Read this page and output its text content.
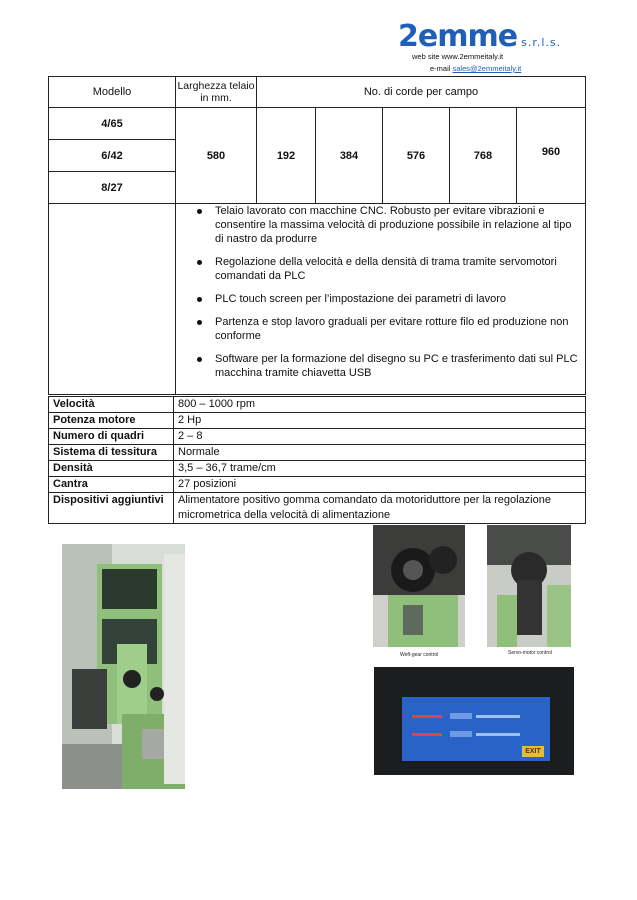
2emme s.r.l.s.
web site www.2emmeitaly.it
e-mail sales@2emmeitaly.it
Modello	Larghezza telaio in mm.	No. di corde per campo				
4/65	580	192	384	576	768	960
6/42						
8/27						
Telaio lavorato con macchine CNC. Robusto per evitare vibrazioni e consentire la massima velocità di produzione possibile in relazione al tipo di nastro da produrre
Regolazione della velocità e della densità di trama tramite servomotori comandati da PLC
PLC touch screen per l’impostazione dei parametri di lavoro
Partenza e stop lavoro graduali per evitare rotture filo ed produzione non conforme
Software per la formazione del disegno su PC e trasferimento dati sul PLC macchina tramite chiavetta USB
Velocità	800 – 1000 rpm
Potenza motore	2 Hp
Numero di quadri	2 – 8
Sistema di tessitura	Normale
Densità	3,5 – 36,7 trame/cm
Cantra	27 posizioni
Dispositivi aggiuntivi	Alimentatore positivo gomma comandato da motoriduttore per la regolazione micrometrica della velocità di alimentazione
Weft-gear control	Servo-motor control
EXIT
